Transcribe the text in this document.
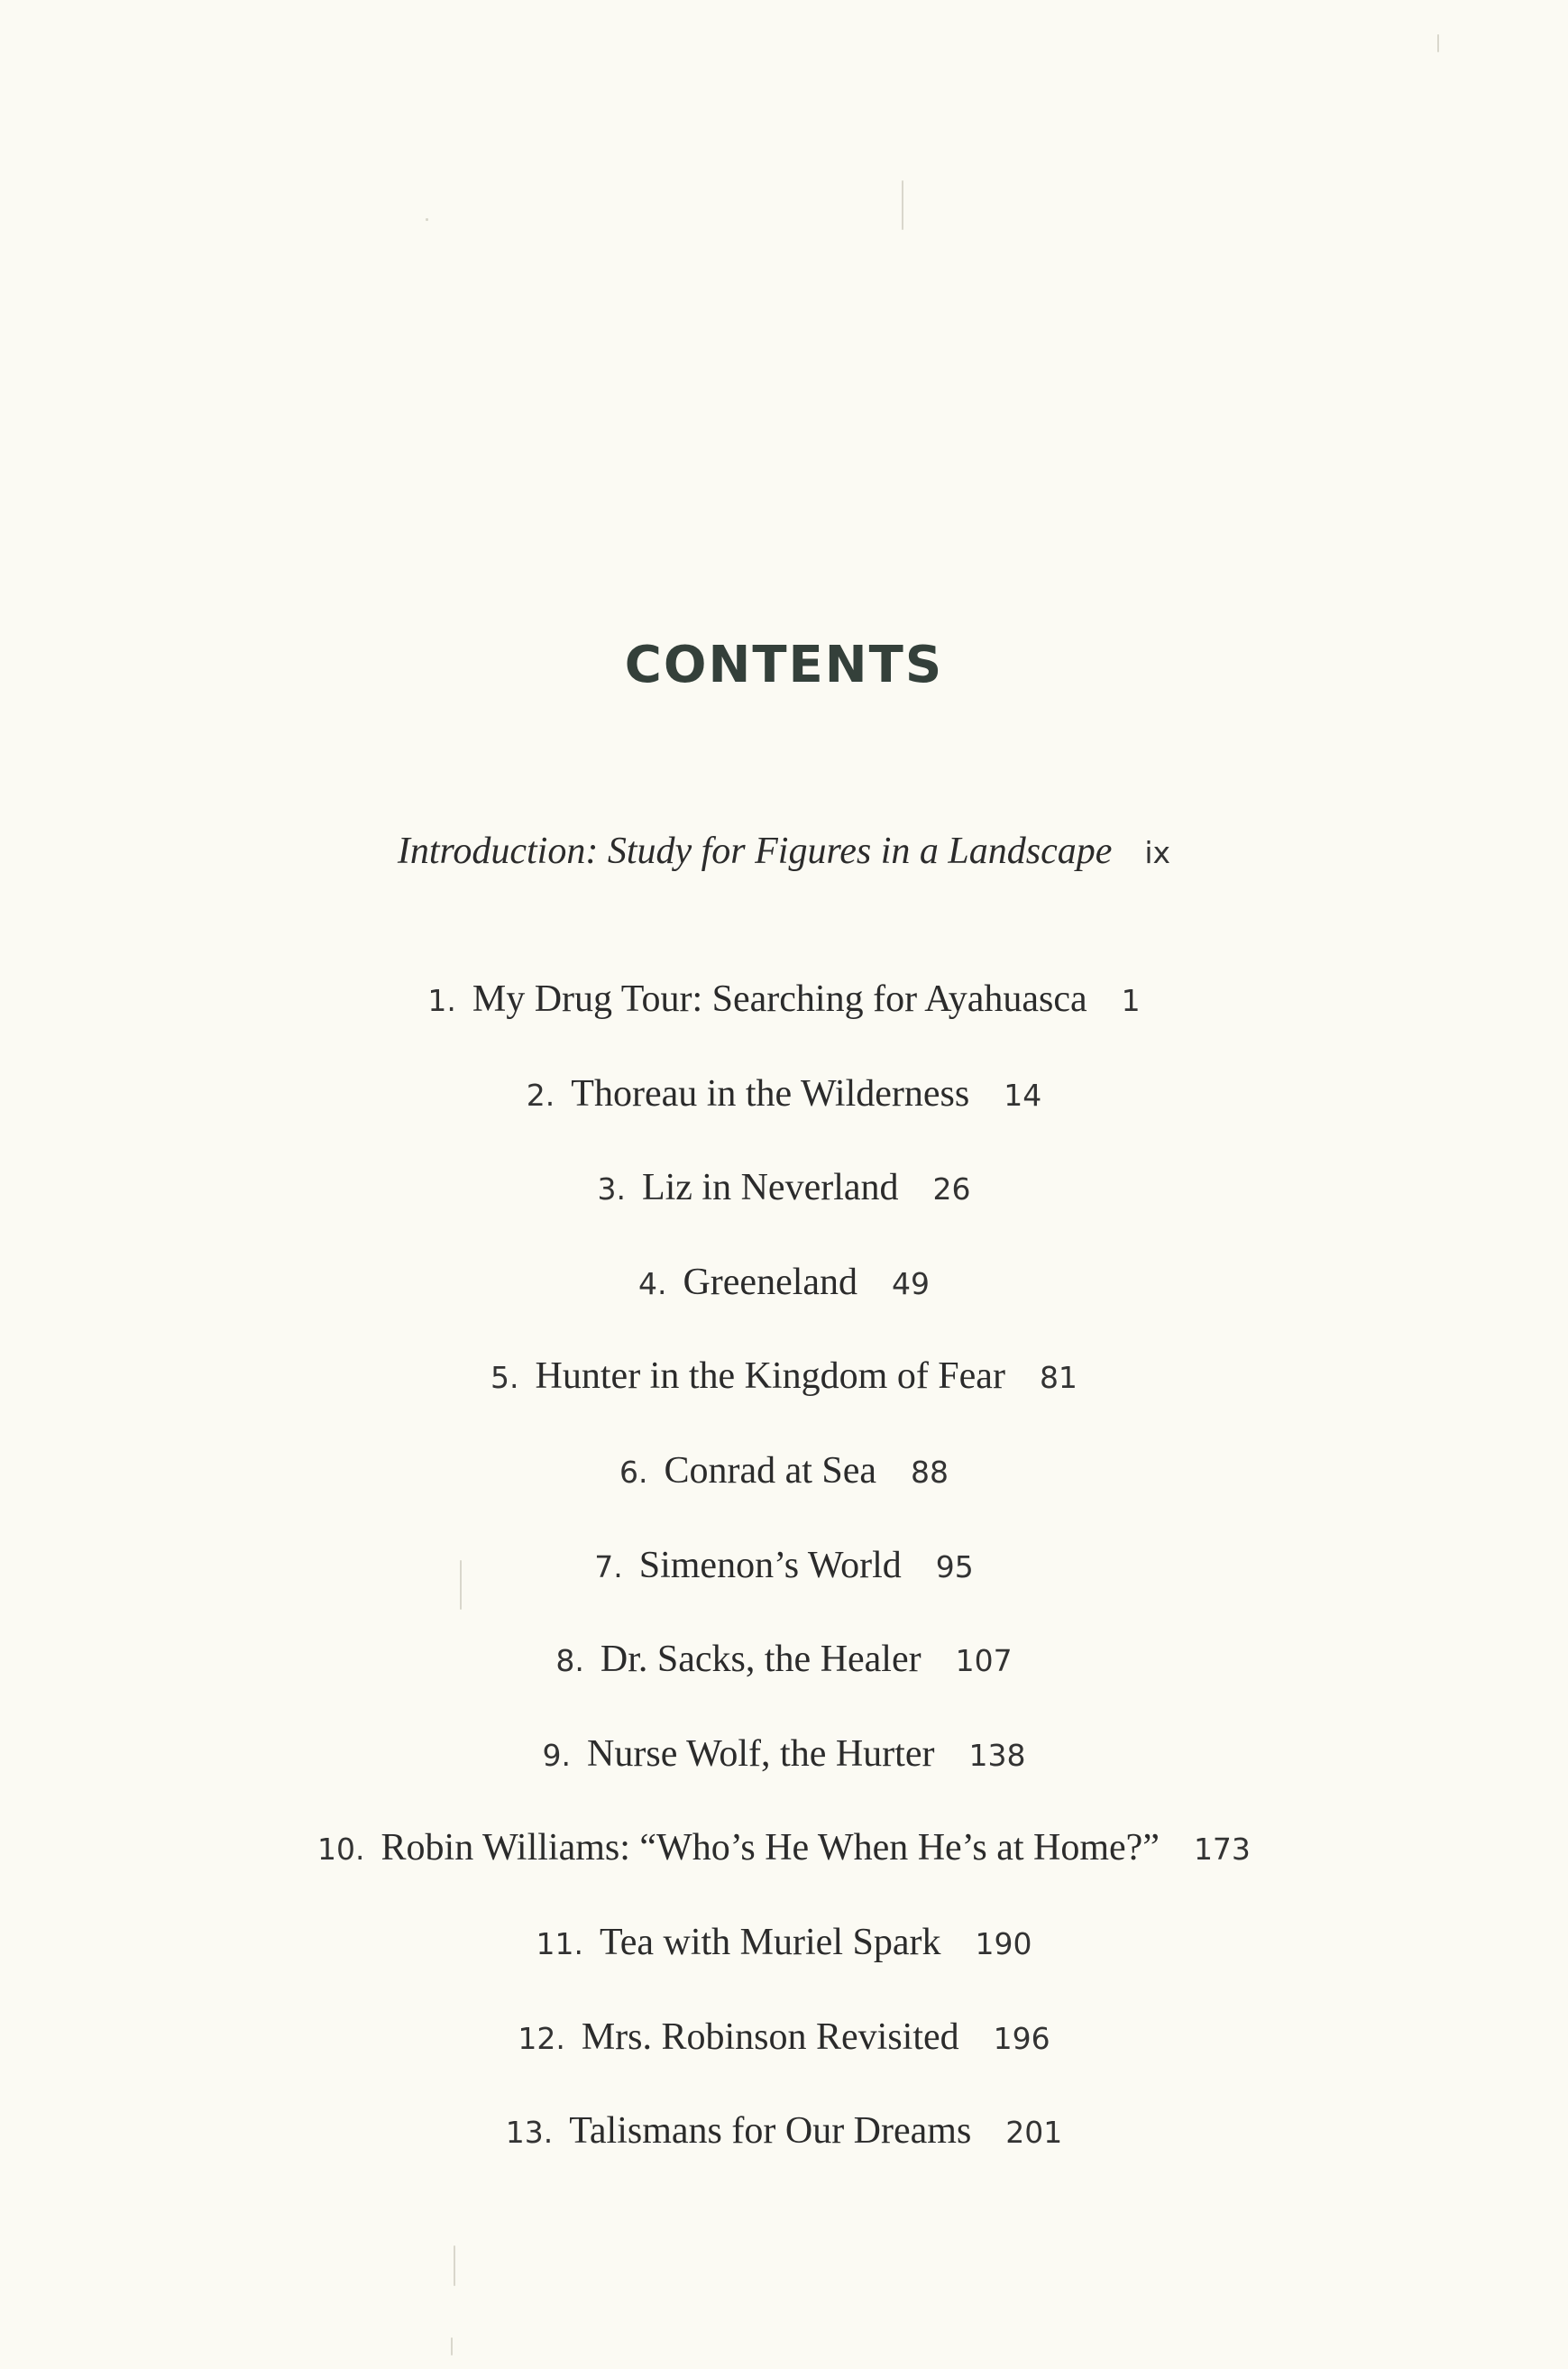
CONTENTS
Introduction: Study for Figures in a Landscape ix
1. My Drug Tour: Searching for Ayahuasca 1
2. Thoreau in the Wilderness 14
3. Liz in Neverland 26
4. Greeneland 49
5. Hunter in the Kingdom of Fear 81
6. Conrad at Sea 88
7. Simenon’s World 95
8. Dr. Sacks, the Healer 107
9. Nurse Wolf, the Hurter 138
10. Robin Williams: “Who’s He When He’s at Home?” 173
11. Tea with Muriel Spark 190
12. Mrs. Robinson Revisited 196
13. Talismans for Our Dreams 201
